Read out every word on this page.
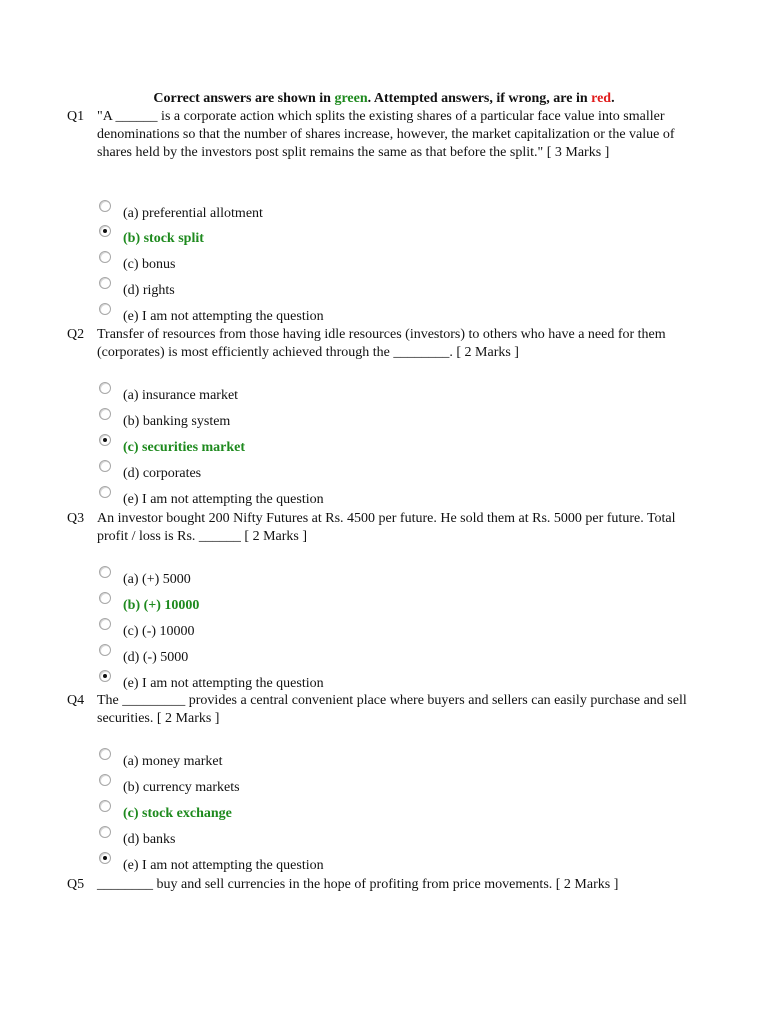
Correct answers are shown in green. Attempted answers, if wrong, are in red.
Q1 "A ______ is a corporate action which splits the existing shares of a particular face value into smaller denominations so that the number of shares increase, however, the market capitalization or the value of shares held by the investors post split remains the same as that before the split." [ 3 Marks ]
(a) preferential allotment
(b) stock split
(c) bonus
(d) rights
(e) I am not attempting the question
Q2 Transfer of resources from those having idle resources (investors) to others who have a need for them (corporates) is most efficiently achieved through the ________. [ 2 Marks ]
(a) insurance market
(b) banking system
(c) securities market
(d) corporates
(e) I am not attempting the question
Q3 An investor bought 200 Nifty Futures at Rs. 4500 per future. He sold them at Rs. 5000 per future. Total profit / loss is Rs. ______ [ 2 Marks ]
(a) (+) 5000
(b) (+) 10000
(c) (-) 10000
(d) (-) 5000
(e) I am not attempting the question
Q4 The _________ provides a central convenient place where buyers and sellers can easily purchase and sell securities. [ 2 Marks ]
(a) money market
(b) currency markets
(c) stock exchange
(d) banks
(e) I am not attempting the question
Q5 ________ buy and sell currencies in the hope of profiting from price movements. [ 2 Marks ]
